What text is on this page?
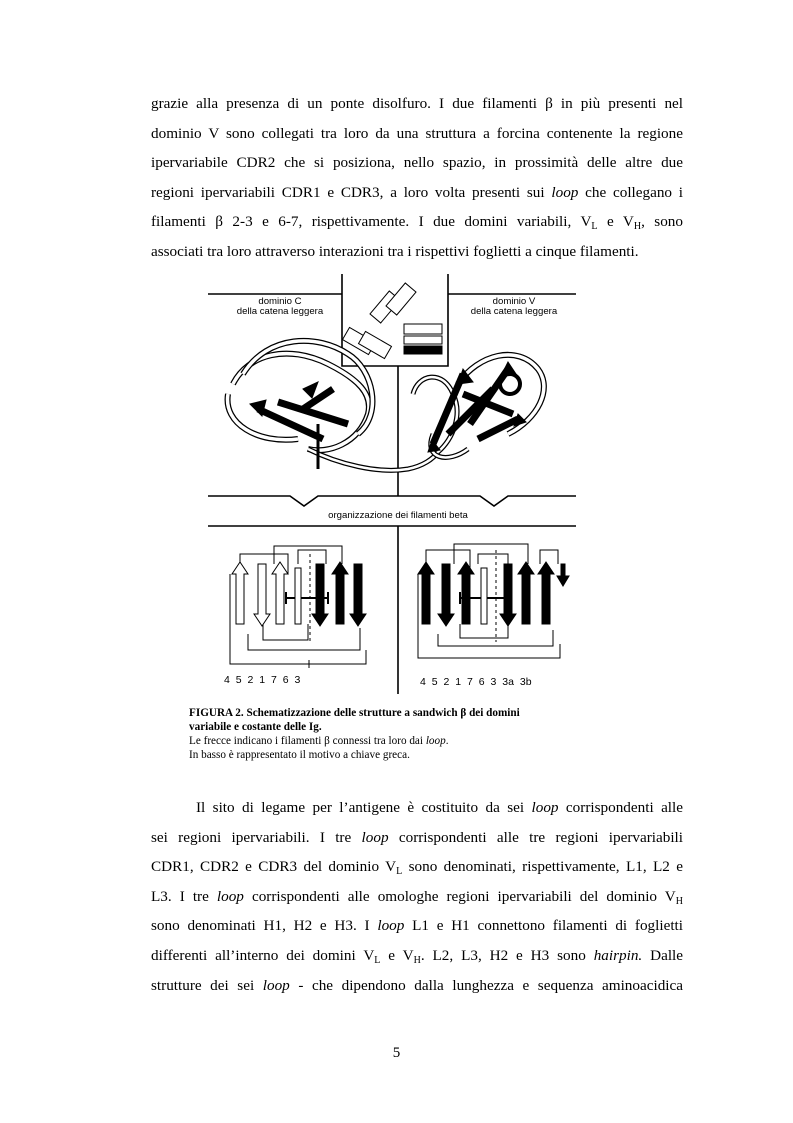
grazie alla presenza di un ponte disolfuro. I due filamenti β in più presenti nel
dominio V sono collegati tra loro da una struttura a forcina contenente la regione
ipervariabile CDR2 che si posiziona, nello spazio, in prossimità delle altre due
regioni ipervariabili CDR1 e CDR3, a loro volta presenti sui loop che collegano i
filamenti β 2-3 e 6-7, rispettivamente. I due domini variabili, $V_L$ e $V_H$, sono
associati tra loro attraverso interazioni tra i rispettivi foglietti a cinque filamenti.
dominio C
della catena leggera
dominio V
della catena leggera
organizzazione dei filamenti beta
4 5 2 1 7 6 3	4 5 2 1 7 6 3 3a 3b
FIGURA 2. Schematizzazione delle strutture a sandwich β dei domini
variabile e costante delle Ig.
Le frecce indicano i filamenti β connessi tra loro dai loop.
In basso è rappresentato il motivo a chiave greca.
Il sito di legame per l’antigene è costituito da sei loop corrispondenti alle
sei regioni ipervariabili. I tre loop corrispondenti alle tre regioni ipervariabili
CDR1, CDR2 e CDR3 del dominio $V_L$ sono denominati, rispettivamente, L1, L2 e
L3. I tre loop corrispondenti alle omologhe regioni ipervariabili del dominio $V_H$
sono denominati H1, H2 e H3. I loop L1 e H1 connettono filamenti di foglietti
differenti all’interno dei domini $V_L$ e $V_H$. L2, L3, H2 e H3 sono hairpin. Dalle
strutture dei sei loop - che dipendono dalla lunghezza e sequenza aminoacidica
5
